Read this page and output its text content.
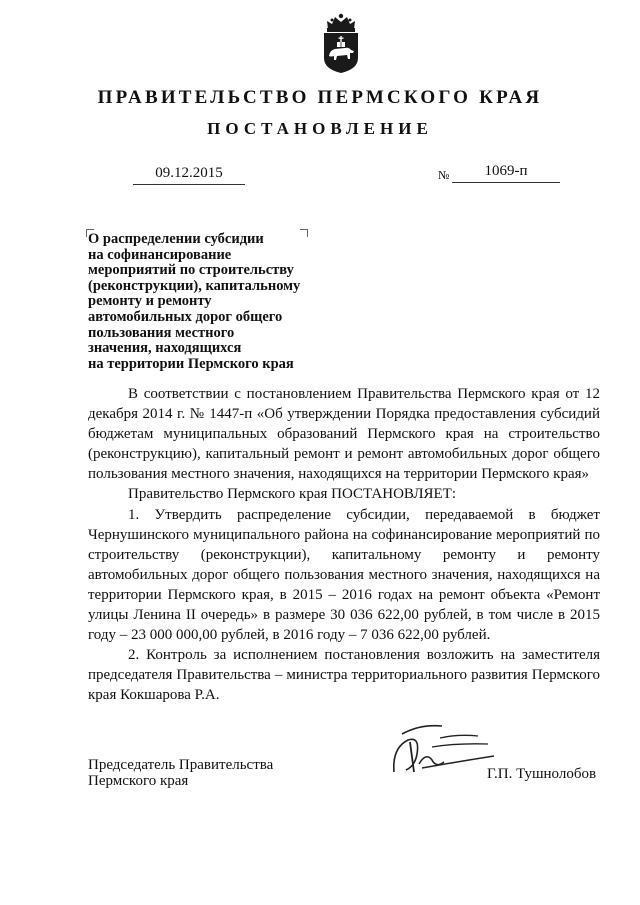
ПРАВИТЕЛЬСТВО ПЕРМСКОГО КРАЯ
ПОСТАНОВЛЕНИЕ
09.12.2015	№	1069-п
О распределении субсидии
на софинансирование
мероприятий по строительству
(реконструкции), капитальному
ремонту и ремонту
автомобильных дорог общего
пользования местного
значения, находящихся
на территории Пермского края

В соответствии с постановлением Правительства Пермского края от 12 декабря 2014 г. № 1447-п «Об утверждении Порядка предоставления субсидий бюджетам муниципальных образований Пермского края на строительство (реконструкцию), капитальный ремонт и ремонт автомобильных дорог общего пользования местного значения, находящихся на территории Пермского края»

Правительство Пермского края ПОСТАНОВЛЯЕТ:

1. Утвердить распределение субсидии, передаваемой в бюджет Чернушинского муниципального района на софинансирование мероприятий по строительству (реконструкции), капитальному ремонту и ремонту автомобильных дорог общего пользования местного значения, находящихся на территории Пермского края, в 2015 – 2016 годах на ремонт объекта «Ремонт улицы Ленина II очередь» в размере 30 036 622,00 рублей, в том числе в 2015 году – 23 000 000,00 рублей, в 2016 году – 7 036 622,00 рублей.

2. Контроль за исполнением постановления возложить на заместителя председателя Правительства – министра территориального развития Пермского края Кокшарова Р.А.

Председатель Правительства
Пермского края	Г.П. Тушнолобов
